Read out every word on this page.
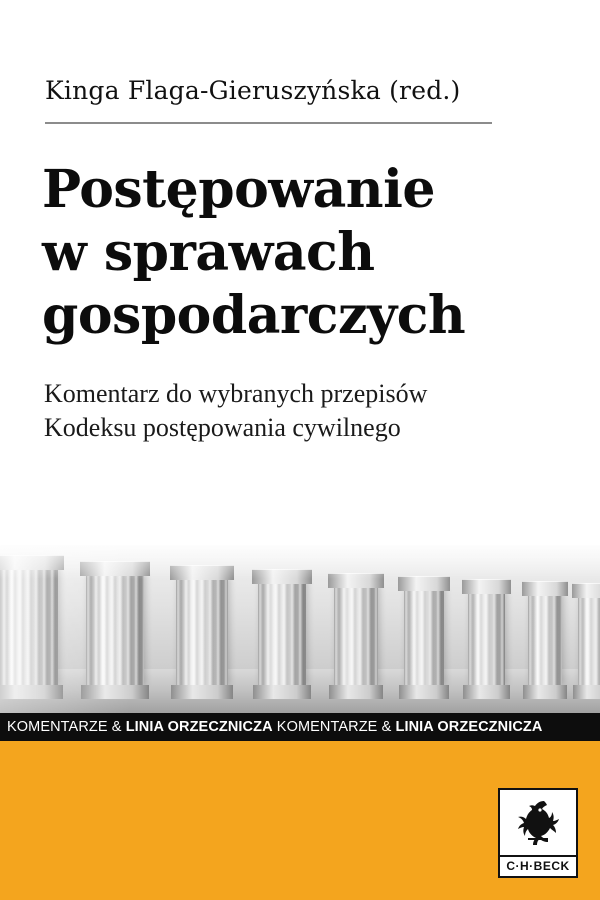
Kinga Flaga-Gieruszyńska (red.)
Postępowanie
w sprawach
gospodarczych
Komentarz do wybranych przepisów
Kodeksu postępowania cywilnego
KOMENTARZE & LINIA ORZECZNICZA KOMENTARZE & LINIA ORZECZNICZA
C·H·BECK
